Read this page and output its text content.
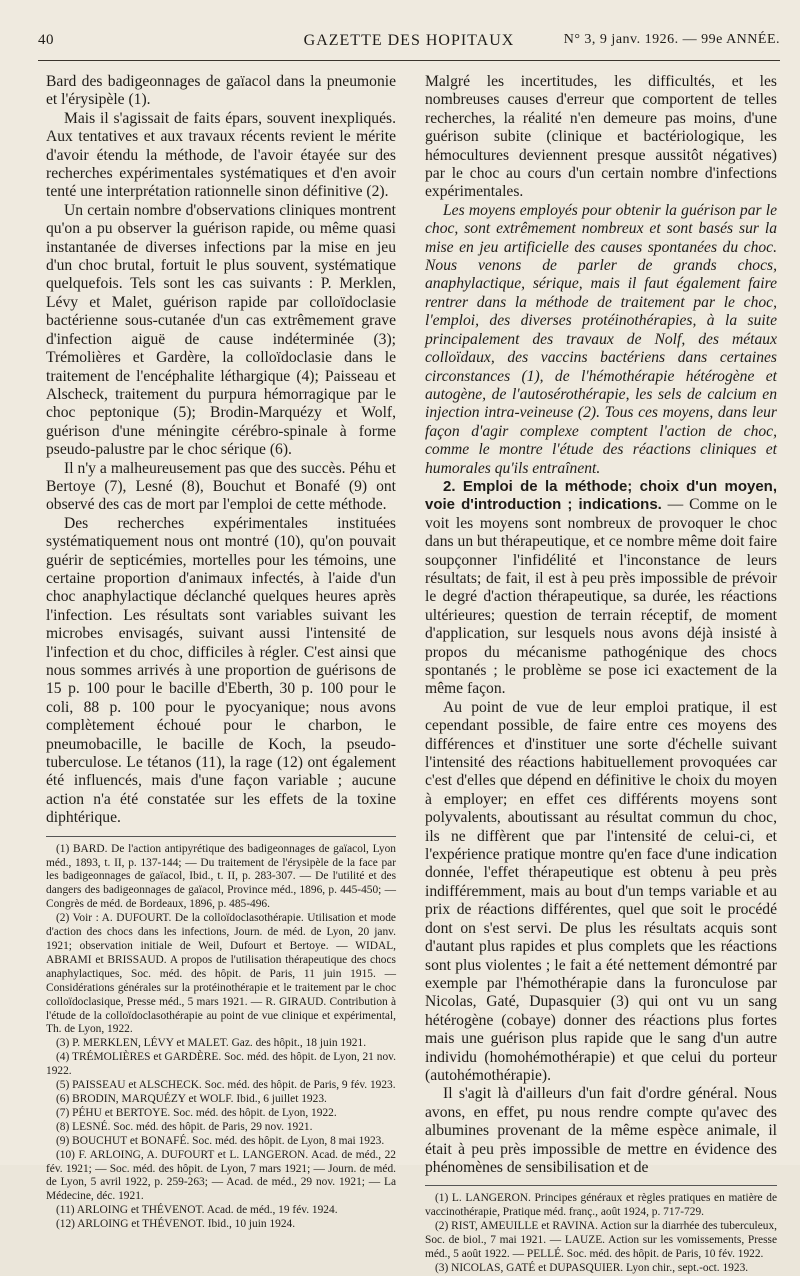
40	GAZETTE DES HOPITAUX	N° 3, 9 janv. 1926. — 99e ANNÉE.

Bard des badigeonnages de gaïacol dans la pneumonie et l'érysipèle (1).

Mais il s'agissait de faits épars, souvent inexpliqués. Aux tentatives et aux travaux récents revient le mérite d'avoir étendu la méthode, de l'avoir étayée sur des recherches expérimentales systématiques et d'en avoir tenté une interprétation rationnelle sinon définitive (2).

Un certain nombre d'observations cliniques montrent qu'on a pu observer la guérison rapide, ou même quasi instantanée de diverses infections par la mise en jeu d'un choc brutal, fortuit le plus souvent, systématique quelquefois. Tels sont les cas suivants : P. Merklen, Lévy et Malet, guérison rapide par colloïdoclasie bactérienne sous-cutanée d'un cas extrêmement grave d'infection aiguë de cause indéterminée (3); Trémolières et Gardère, la colloïdoclasie dans le traitement de l'encéphalite léthargique (4); Paisseau et Alscheck, traitement du purpura hémorragique par le choc peptonique (5); Brodin-Marquézy et Wolf, guérison d'une méningite cérébro-spinale à forme pseudo-palustre par le choc sérique (6).

Il n'y a malheureusement pas que des succès. Péhu et Bertoye (7), Lesné (8), Bouchut et Bonafé (9) ont observé des cas de mort par l'emploi de cette méthode.

Des recherches expérimentales instituées systématiquement nous ont montré (10), qu'on pouvait guérir de septicémies, mortelles pour les témoins, une certaine proportion d'animaux infectés, à l'aide d'un choc anaphylactique déclanché quelques heures après l'infection. Les résultats sont variables suivant les microbes envisagés, suivant aussi l'intensité de l'infection et du choc, difficiles à régler. C'est ainsi que nous sommes arrivés à une proportion de guérisons de 15 p. 100 pour le bacille d'Eberth, 30 p. 100 pour le coli, 88 p. 100 pour le pyocyanique; nous avons complètement échoué pour le charbon, le pneumobacille, le bacille de Koch, la pseudo-tuberculose. Le tétanos (11), la rage (12) ont également été influencés, mais d'une façon variable ; aucune action n'a été constatée sur les effets de la toxine diphtérique.

(1) BARD. De l'action antipyrétique des badigeonnages de gaïacol, Lyon méd., 1893, t. II, p. 137-144; — Du traitement de l'érysipèle de la face par les badigeonnages de gaïacol, Ibid., t. II, p. 283-307. — De l'utilité et des dangers des badigeonnages de gaïacol, Province méd., 1896, p. 445-450; — Congrès de méd. de Bordeaux, 1896, p. 485-496.

(2) Voir : A. DUFOURT. De la colloïdoclasothérapie. Utilisation et mode d'action des chocs dans les infections, Journ. de méd. de Lyon, 20 janv. 1921; observation initiale de Weil, Dufourt et Bertoye. — WIDAL, ABRAMI et BRISSAUD. A propos de l'utilisation thérapeutique des chocs anaphylactiques, Soc. méd. des hôpit. de Paris, 11 juin 1915. — Considérations générales sur la protéinothérapie et le traitement par le choc colloïdoclasique, Presse méd., 5 mars 1921. — R. GIRAUD. Contribution à l'étude de la colloïdoclasothérapie au point de vue clinique et expérimental, Th. de Lyon, 1922.

(3) P. MERKLEN, LÉVY et MALET. Gaz. des hôpit., 18 juin 1921.

(4) TRÉMOLIÈRES et GARDÈRE. Soc. méd. des hôpit. de Lyon, 21 nov. 1922.

(5) PAISSEAU et ALSCHECK. Soc. méd. des hôpit. de Paris, 9 fév. 1923.

(6) BRODIN, MARQUÉZY et WOLF. Ibid., 6 juillet 1923.

(7) PÉHU et BERTOYE. Soc. méd. des hôpit. de Lyon, 1922.

(8) LESNÉ. Soc. méd. des hôpit. de Paris, 29 nov. 1921.

(9) BOUCHUT et BONAFÉ. Soc. méd. des hôpit. de Lyon, 8 mai 1923.

(10) F. ARLOING, A. DUFOURT et L. LANGERON. Acad. de méd., 22 fév. 1921; — Soc. méd. des hôpit. de Lyon, 7 mars 1921; — Journ. de méd. de Lyon, 5 avril 1922, p. 259-263; — Acad. de méd., 29 nov. 1921; — La Médecine, déc. 1921.

(11) ARLOING et THÉVENOT. Acad. de méd., 19 fév. 1924.

(12) ARLOING et THÉVENOT. Ibid., 10 juin 1924.

Malgré les incertitudes, les difficultés, et les nombreuses causes d'erreur que comportent de telles recherches, la réalité n'en demeure pas moins, d'une guérison subite (clinique et bactériologique, les hémocultures deviennent presque aussitôt négatives) par le choc au cours d'un certain nombre d'infections expérimentales.

Les moyens employés pour obtenir la guérison par le choc, sont extrêmement nombreux et sont basés sur la mise en jeu artificielle des causes spontanées du choc. Nous venons de parler de grands chocs, anaphylactique, sérique, mais il faut également faire rentrer dans la méthode de traitement par le choc, l'emploi, des diverses protéinothérapies, à la suite principalement des travaux de Nolf, des métaux colloïdaux, des vaccins bactériens dans certaines circonstances (1), de l'hémothérapie hétérogène et autogène, de l'autosérothérapie, les sels de calcium en injection intra-veineuse (2). Tous ces moyens, dans leur façon d'agir complexe comptent l'action de choc, comme le montre l'étude des réactions cliniques et humorales qu'ils entraînent.

2. Emploi de la méthode; choix d'un moyen, voie d'introduction ; indications. — Comme on le voit les moyens sont nombreux de provoquer le choc dans un but thérapeutique, et ce nombre même doit faire soupçonner l'infidélité et l'inconstance de leurs résultats; de fait, il est à peu près impossible de prévoir le degré d'action thérapeutique, sa durée, les réactions ultérieures; question de terrain réceptif, de moment d'application, sur lesquels nous avons déjà insisté à propos du mécanisme pathogénique des chocs spontanés ; le problème se pose ici exactement de la même façon.

Au point de vue de leur emploi pratique, il est cependant possible, de faire entre ces moyens des différences et d'instituer une sorte d'échelle suivant l'intensité des réactions habituellement provoquées car c'est d'elles que dépend en définitive le choix du moyen à employer; en effet ces différents moyens sont polyvalents, aboutissant au résultat commun du choc, ils ne diffèrent que par l'intensité de celui-ci, et l'expérience pratique montre qu'en face d'une indication donnée, l'effet thérapeutique est obtenu à peu près indifféremment, mais au bout d'un temps variable et au prix de réactions différentes, quel que soit le procédé dont on s'est servi. De plus les résultats acquis sont d'autant plus rapides et plus complets que les réactions sont plus violentes ; le fait a été nettement démontré par exemple par l'hémothérapie dans la furonculose par Nicolas, Gaté, Dupasquier (3) qui ont vu un sang hétérogène (cobaye) donner des réactions plus fortes mais une guérison plus rapide que le sang d'un autre individu (homohémothérapie) et que celui du porteur (autohémothérapie).

Il s'agit là d'ailleurs d'un fait d'ordre général. Nous avons, en effet, pu nous rendre compte qu'avec des albumines provenant de la même espèce animale, il était à peu près impossible de mettre en évidence des phénomènes de sensibilisation et de

(1) L. LANGERON. Principes généraux et règles pratiques en matière de vaccinothérapie, Pratique méd. franç., août 1924, p. 717-729.

(2) RIST, AMEUILLE et RAVINA. Action sur la diarrhée des tuberculeux, Soc. de biol., 7 mai 1921. — LAUZE. Action sur les vomissements, Presse méd., 5 août 1922. — PELLÉ. Soc. méd. des hôpit. de Paris, 10 fév. 1922.

(3) NICOLAS, GATÉ et DUPASQUIER. Lyon chir., sept.-oct. 1923.
